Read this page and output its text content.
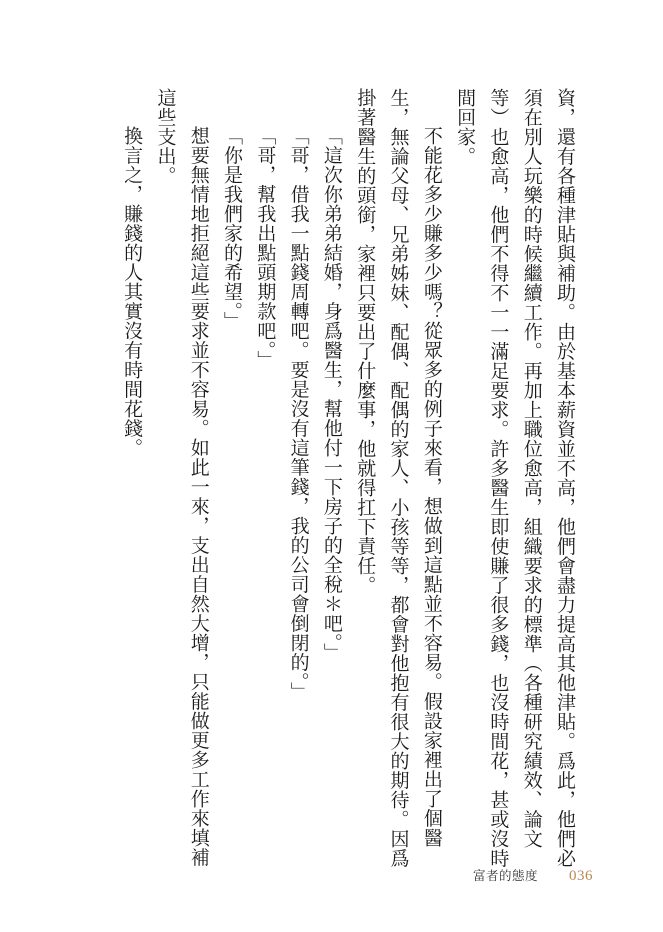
資，還有各種津貼與補助。由於基本薪資並不高，他們會盡力提高其他津貼。爲此，他們必須在別人玩樂的時候繼續工作。再加上職位愈高，組織要求的標準（各種研究績效、論文等）也愈高，他們不得不一一滿足要求。許多醫生即使賺了很多錢，也沒時間花，甚或沒時間回家。

不能花多少賺多少嗎？從眾多的例子來看，想做到這點並不容易。假設家裡出了個醫生，無論父母、兄弟姊妹、配偶、配偶的家人、小孩等等，都會對他抱有很大的期待。因爲掛著醫生的頭銜，家裡只要出了什麼事，他就得扛下責任。

「這次你弟弟結婚，身爲醫生，幫他付一下房子的全稅＊吧。」

「哥，借我一點錢周轉吧。要是沒有這筆錢，我的公司會倒閉的。」

「哥，幫我出點頭期款吧。」

「你是我們家的希望。」

想要無情地拒絕這些要求並不容易。如此一來，支出自然大增，只能做更多工作來填補這些支出。

換言之，賺錢的人其實沒有時間花錢。

富者的態度 036
